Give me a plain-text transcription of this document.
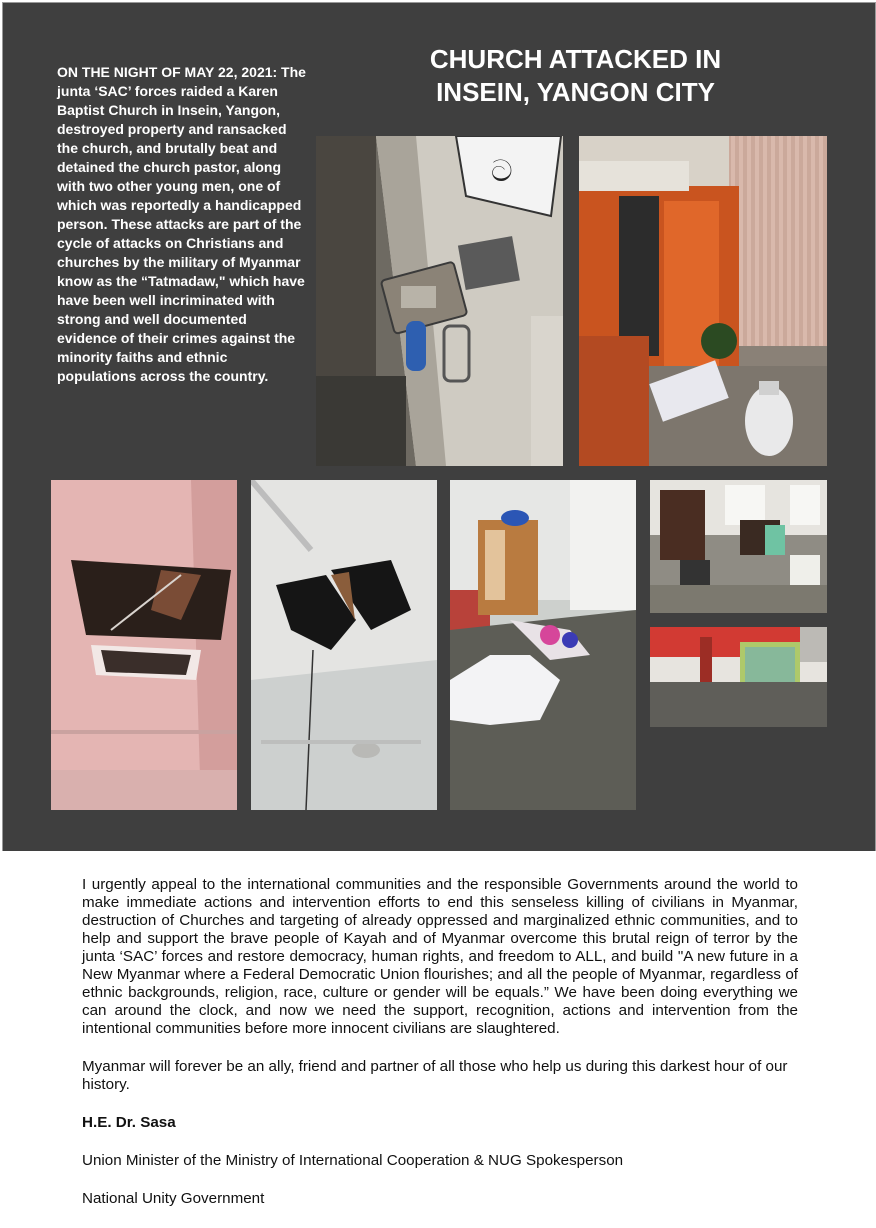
CHURCH ATTACKED IN
INSEIN, YANGON CITY

ON THE NIGHT OF MAY 22, 2021: The junta ‘SAC’ forces raided a Karen Baptist Church in Insein, Yangon, destroyed property and ransacked the church, and brutally beat and detained the church pastor, along with two other young men, one of which was reportedly a handicapped person. These attacks are part of the cycle of attacks on Christians and churches by the military of Myanmar know as the “Tatmadaw," which have have been well incriminated with strong and well documented evidence of their crimes against the minority faiths and ethnic populations across the country.

ට

I urgently appeal to the international communities and the responsible Governments around the world to make immediate actions and intervention efforts to end this senseless killing of civilians in Myanmar, destruction of Churches and targeting of already oppressed and marginalized ethnic communities, and to help and support the brave people of Kayah and of Myanmar overcome this brutal reign of terror by the junta ‘SAC’ forces and restore democracy, human rights, and freedom to ALL, and build "A new future in a New Myanmar where a Federal Democratic Union flourishes; and all the people of Myanmar, regardless of ethnic backgrounds, religion, race, culture or gender will be equals.” We have been doing everything we can around the clock, and now we need the support, recognition, actions and intervention from the intentional communities before more innocent civilians are slaughtered.

Myanmar will forever be an ally, friend and partner of all those who help us during this darkest hour of our history.

H.E. Dr. Sasa

Union Minister of the Ministry of International Cooperation & NUG Spokesperson

National Unity Government
